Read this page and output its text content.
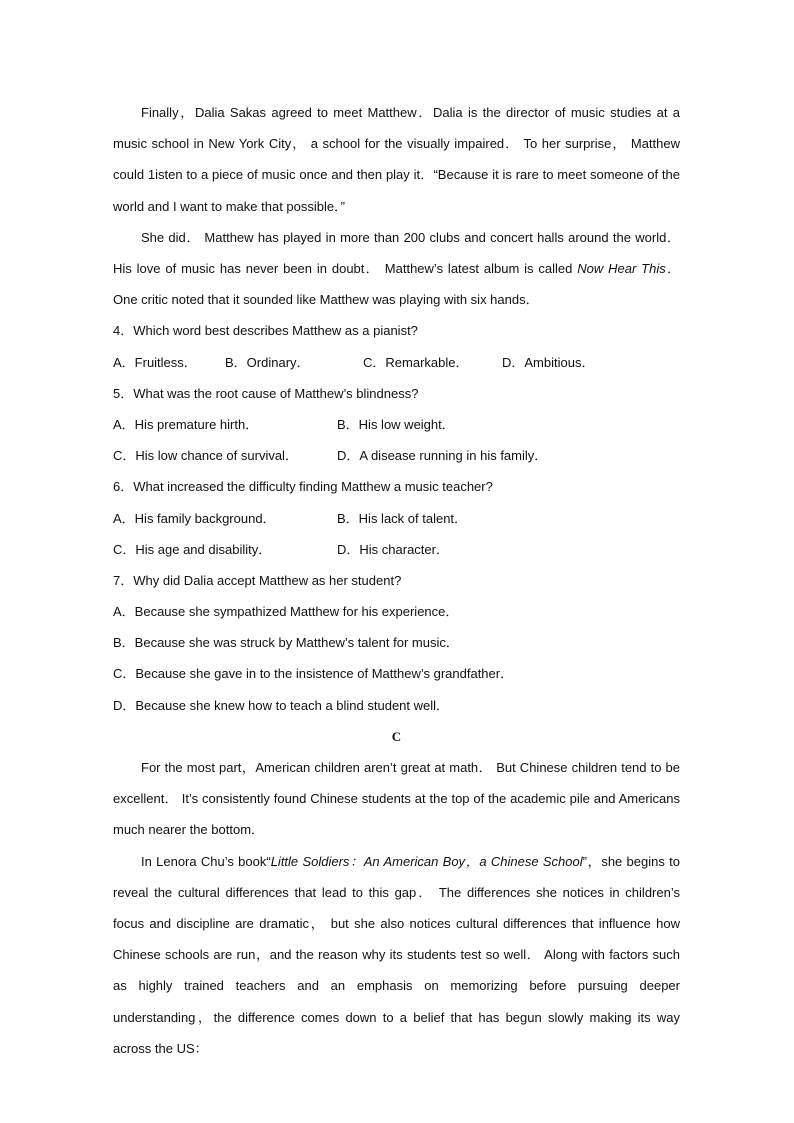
Finally，Dalia Sakas agreed to meet Matthew．Dalia is the director of music studies at a music school in New York City， a school for the visually impaired． To her surprise， Matthew could 1isten to a piece of music once and then play it．“Because it is rare to meet someone of the world and I want to make that possible．”

She did． Matthew has played in more than 200 clubs and concert halls around the world． His love of music has never been in doubt． Matthew’s latest album is called Now Hear This． One critic noted that it sounded like Matthew was playing with six hands．

4．Which word best describes Matthew as a pianist?
A．Fruitless．	B．Ordinary．	C．Remarkable．	D．Ambitious．
5．What was the root cause of Matthew’s blindness?
A．His premature hirth．	B．His low weight．
C．His low chance of survival．	D．A disease running in his family．
6．What increased the difficulty finding Matthew a music teacher?
A．His family background．	B．His lack of talent．
C．His age and disability．	D．His character．
7．Why did Dalia accept Matthew as her student?
A．Because she sympathized Matthew for his experience．
B．Because she was struck by Matthew’s talent for music．
C．Because she gave in to the insistence of Matthew’s grandfather．
D．Because she knew how to teach a blind student well．
C

For the most part，American children aren’t great at math． But Chinese children tend to be excellent． It’s consistently found Chinese students at the top of the academic pile and Americans much nearer the bottom．

In Lenora Chu’s book“Little Soldiers：An American Boy，a Chinese School”，she begins to reveal the cultural differences that lead to this gap． The differences she notices in children’s focus and discipline are dramatic， but she also notices cultural differences that influence how Chinese schools are run，and the reason why its students test so well． Along with factors such as highly trained teachers and an emphasis on memorizing before pursuing deeper understanding，the difference comes down to a belief that has begun slowly making its way across the US：
